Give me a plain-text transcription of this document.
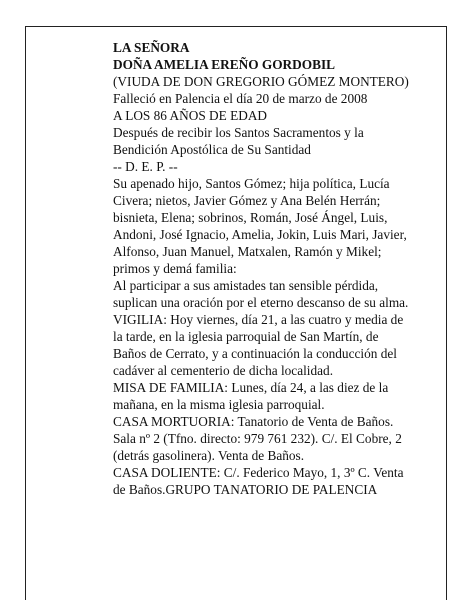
LA SEÑORA
DOÑA AMELIA EREÑO GORDOBIL
(VIUDA DE DON GREGORIO GÓMEZ MONTERO)
Falleció en Palencia el día 20 de marzo de 2008
A LOS 86 AÑOS DE EDAD
Después de recibir los Santos Sacramentos y la
Bendición Apostólica de Su Santidad
-- D. E. P. --
Su apenado hijo, Santos Gómez; hija política, Lucía
Civera; nietos, Javier Gómez y Ana Belén Herrán;
bisnieta, Elena; sobrinos, Román, José Ángel, Luis,
Andoni, José Ignacio, Amelia, Jokin, Luis Mari, Javier,
Alfonso, Juan Manuel, Matxalen, Ramón y Mikel;
primos y demá familia:
Al participar a sus amistades tan sensible pérdida,
suplican una oración por el eterno descanso de su alma.
VIGILIA: Hoy viernes, día 21, a las cuatro y media de
la tarde, en la iglesia parroquial de San Martín, de
Baños de Cerrato, y a continuación la conducción del
cadáver al cementerio de dicha localidad.
MISA DE FAMILIA: Lunes, día 24, a las diez de la
mañana, en la misma iglesia parroquial.
CASA MORTUORIA: Tanatorio de Venta de Baños.
Sala nº 2 (Tfno. directo: 979 761 232). C/. El Cobre, 2
(detrás gasolinera). Venta de Baños.
CASA DOLIENTE: C/. Federico Mayo, 1, 3º C. Venta
de Baños.GRUPO TANATORIO DE PALENCIA
